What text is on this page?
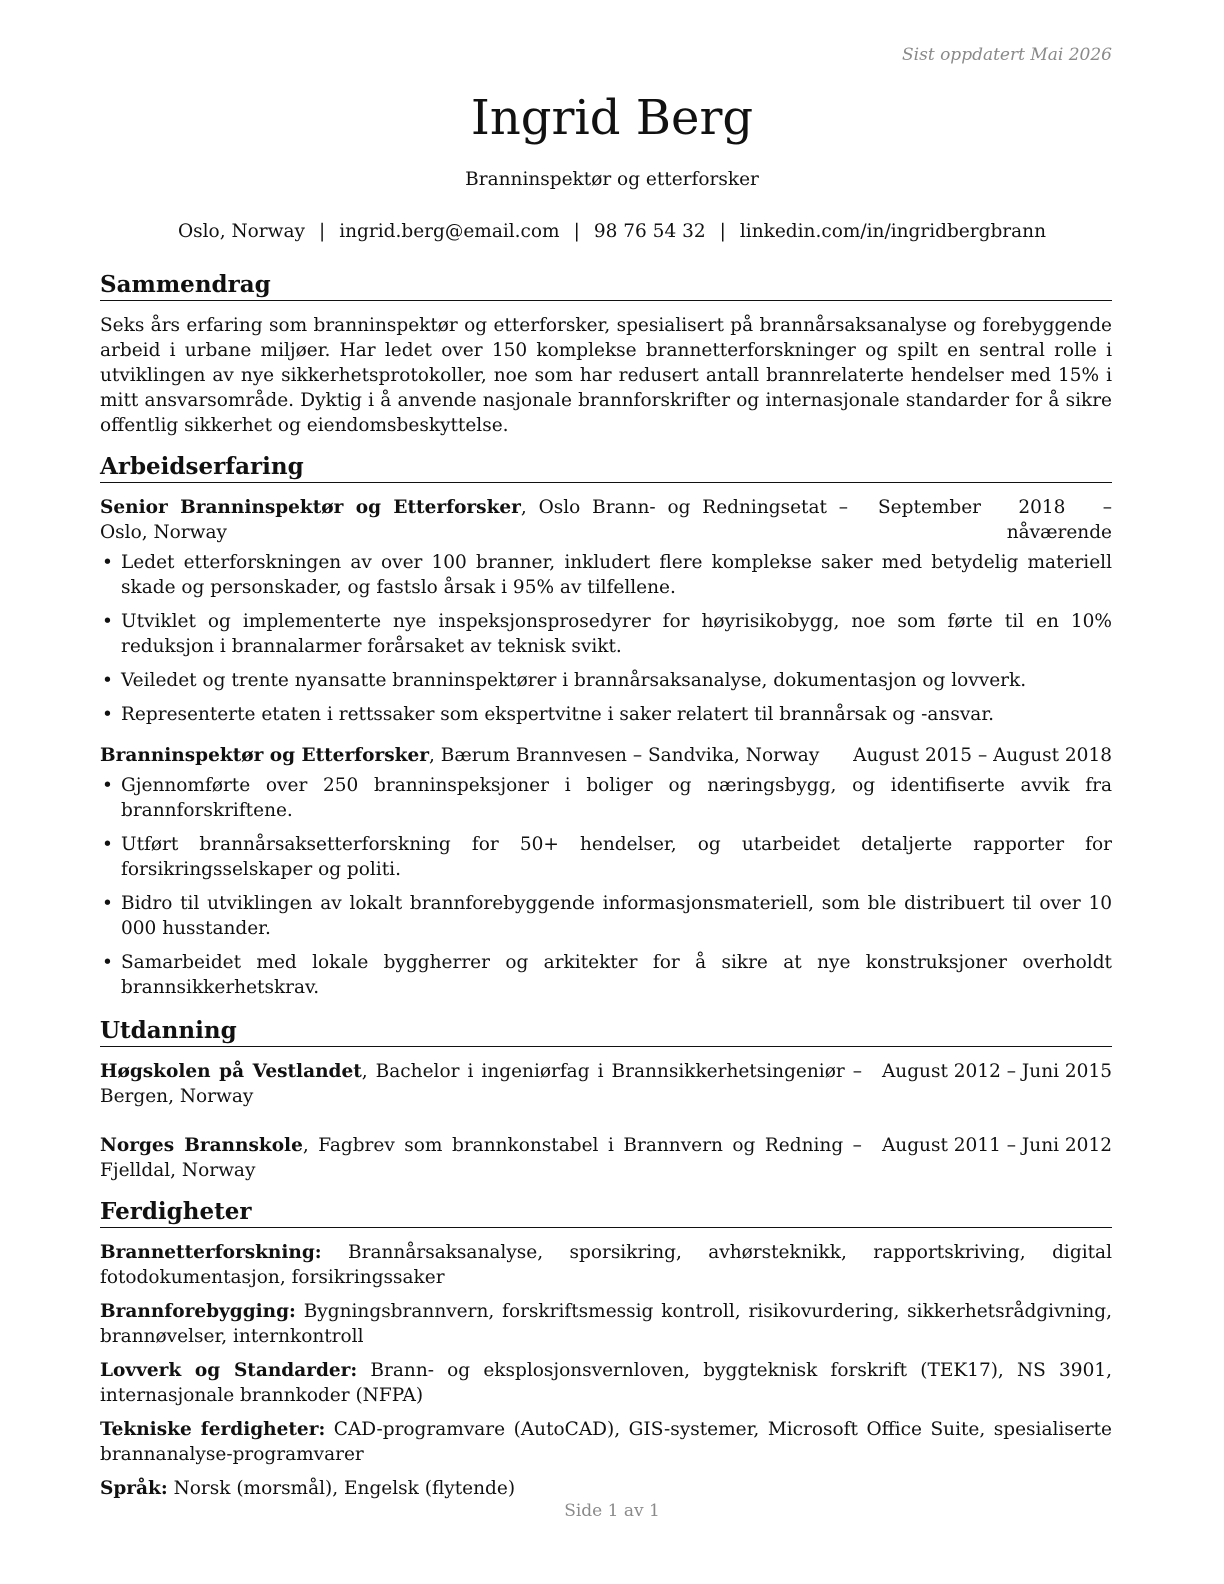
Sist oppdatert Mai 2026
Ingrid Berg
Branninspektør og etterforsker
Oslo, Norway | ingrid.berg@email.com | 98 76 54 32 | linkedin.com/in/ingridbergbrann
Sammendrag

Seks års erfaring som branninspektør og etterforsker, spesialisert på brannårsaksanalyse og forebyggende arbeid i urbane miljøer. Har ledet over 150 komplekse brannetterforskninger og spilt en sentral rolle i utviklingen av nye sikkerhetsprotokoller, noe som har redusert antall brannrelaterte hendelser med 15% i mitt ansvarsområde. Dyktig i å anvende nasjonale brannforskrifter og internasjonale standarder for å sikre offentlig sikkerhet og eiendomsbeskyttelse.

Arbeidserfaring
Senior Branninspektør og Etterforsker, Oslo Brann- og Redningsetat – Oslo, Norway
September 2018 – nåværende
• Ledet etterforskningen av over 100 branner, inkludert flere komplekse saker med betydelig materiell skade og personskader, og fastslo årsak i 95% av tilfellene.
• Utviklet og implementerte nye inspeksjonsprosedyrer for høyrisikobygg, noe som førte til en 10% reduksjon i brannalarmer forårsaket av teknisk svikt.
• Veiledet og trente nyansatte branninspektører i brannårsaksanalyse, dokumentasjon og lovverk.
• Representerte etaten i rettssaker som ekspertvitne i saker relatert til brannårsak og -ansvar.
Branninspektør og Etterforsker, Bærum Brannvesen – Sandvika, Norway	August 2015 – August 2018
• Gjennomførte over 250 branninspeksjoner i boliger og næringsbygg, og identifiserte avvik fra brannforskriftene.
• Utført brannårsaksetterforskning for 50+ hendelser, og utarbeidet detaljerte rapporter for forsikringsselskaper og politi.
• Bidro til utviklingen av lokalt brannforebyggende informasjonsmateriell, som ble distribuert til over 10 000 husstander.
• Samarbeidet med lokale byggherrer og arkitekter for å sikre at nye konstruksjoner overholdt brannsikkerhetskrav.
Utdanning
Høgskolen på Vestlandet, Bachelor i ingeniørfag i Brannsikkerhetsingeniør – Bergen, Norway
August 2012 – Juni 2015
Norges Brannskole, Fagbrev som brannkonstabel i Brannvern og Redning – Fjelldal, Norway
August 2011 – Juni 2012
Ferdigheter

Brannetterforskning: Brannårsaksanalyse, sporsikring, avhørsteknikk, rapportskriving, digital fotodokumentasjon, forsikringssaker

Brannforebygging: Bygningsbrannvern, forskriftsmessig kontroll, risikovurdering, sikkerhetsrådgivning, brannøvelser, internkontroll

Lovverk og Standarder: Brann- og eksplosjonsvernloven, byggteknisk forskrift (TEK17), NS 3901, internasjonale brannkoder (NFPA)

Tekniske ferdigheter: CAD-programvare (AutoCAD), GIS-systemer, Microsoft Office Suite, spesialiserte brannanalyse-programvarer

Språk: Norsk (morsmål), Engelsk (flytende)

Side 1 av 1
